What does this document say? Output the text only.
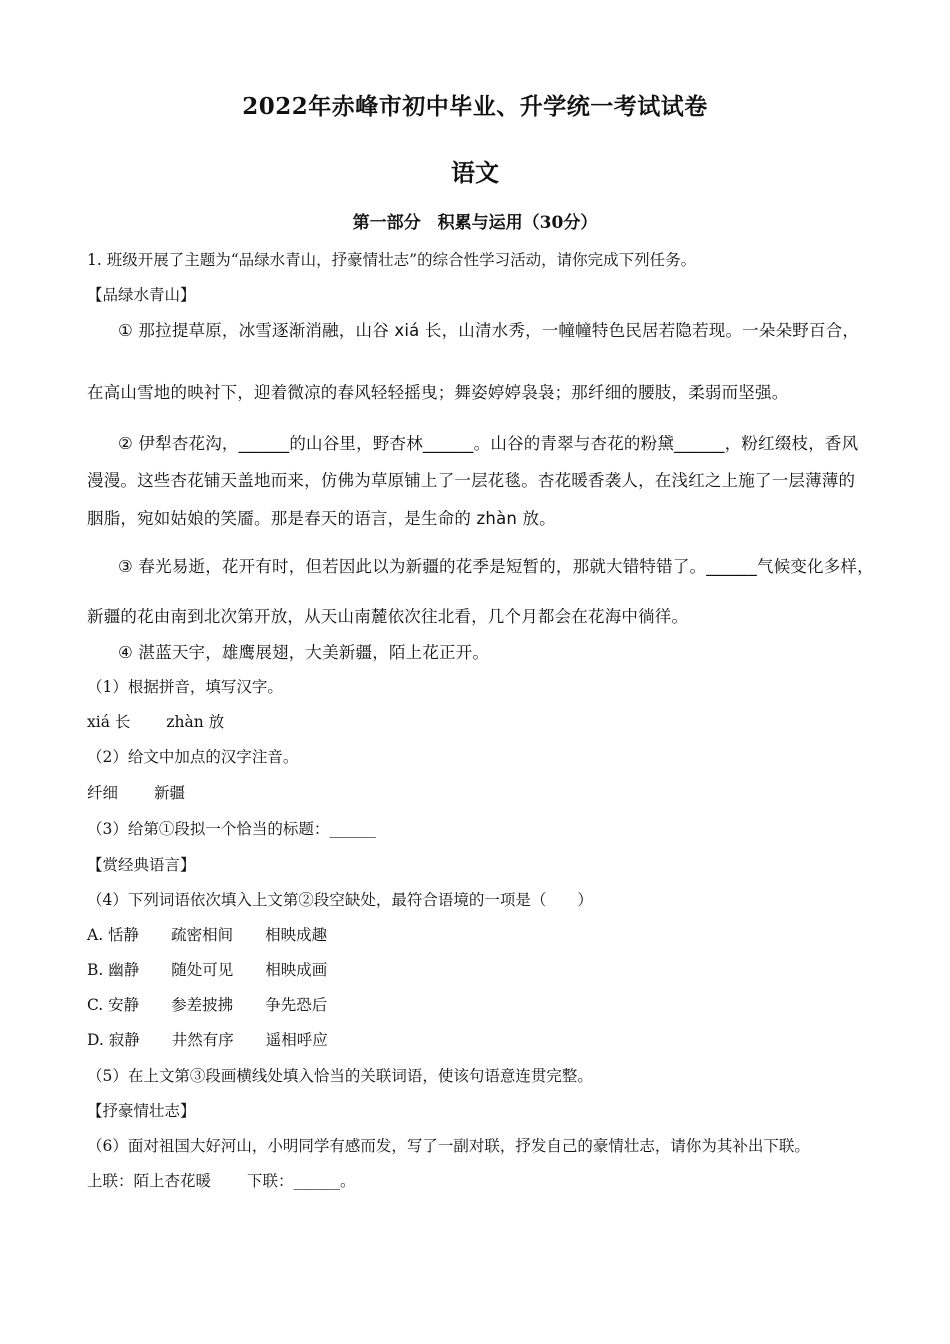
2022年赤峰市初中毕业、升学统一考试试卷
语文
第一部分　积累与运用（30分）
1. 班级开展了主题为“品绿水青山，抒豪情壮志”的综合性学习活动，请你完成下列任务。
【品绿水青山】
① 那拉提草原，冰雪逐渐消融，山谷 xiá 长，山清水秀，一幢幢特色民居若隐若现。一朵朵野百合，
在高山雪地的映衬下，迎着微凉的春风轻轻摇曳；舞姿婷婷袅袅；那纤细的腰肢，柔弱而坚强。
② 伊犁杏花沟，______的山谷里，野杏林______。山谷的青翠与杏花的粉黛______，粉红缀枝，香风
漫漫。这些杏花铺天盖地而来，仿佛为草原铺上了一层花毯。杏花暖香袭人，在浅红之上施了一层薄薄的
胭脂，宛如姑娘的笑靥。那是春天的语言，是生命的 zhàn 放。
③ 春光易逝，花开有时，但若因此以为新疆的花季是短暂的，那就大错特错了。______气候变化多样，
新疆的花由南到北次第开放，从天山南麓依次往北看，几个月都会在花海中徜徉。
④ 湛蓝天宇，雄鹰展翅，大美新疆，陌上花正开。
（1）根据拼音，填写汉字。
xiá 长 zhàn 放
（2）给文中加点的汉字注音。
纤细 新疆
（3）给第①段拟一个恰当的标题：______
【赏经典语言】
（4）下列词语依次填入上文第②段空缺处，最符合语境的一项是（　　）
A. 恬静 疏密相间 相映成趣
B. 幽静 随处可见 相映成画
C. 安静 参差披拂 争先恐后
D. 寂静 井然有序 遥相呼应
（5）在上文第③段画横线处填入恰当的关联词语，使该句语意连贯完整。
【抒豪情壮志】
（6）面对祖国大好河山，小明同学有感而发，写了一副对联，抒发自己的豪情壮志，请你为其补出下联。
上联：陌上杏花暖 下联：______。
